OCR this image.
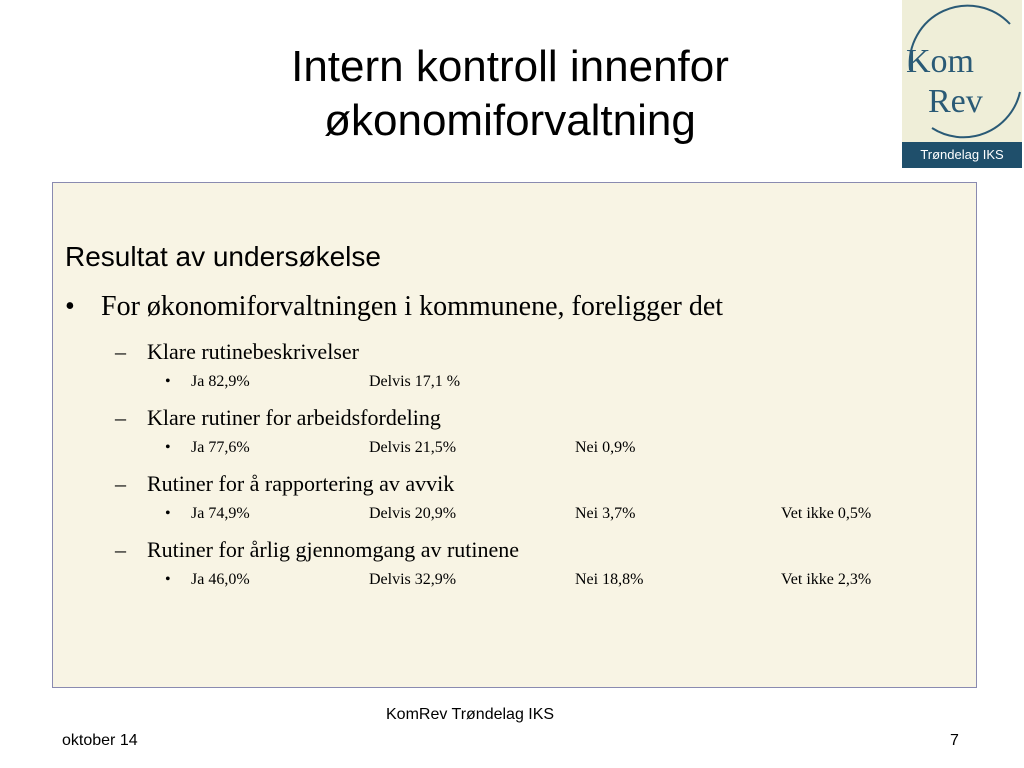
Intern kontroll innenfor
økonomiforvaltning
Kom
Rev
Trøndelag IKS
Resultat av undersøkelse
• For økonomiforvaltningen i kommunene, foreligger det
– Klare rutinebeskrivelser
• Ja 82,9%	Delvis 17,1 %
– Klare rutiner for arbeidsfordeling
• Ja 77,6%	Delvis 21,5%	Nei 0,9%
– Rutiner for å rapportering av avvik
• Ja 74,9%	Delvis 20,9%	Nei 3,7%	Vet ikke 0,5%
– Rutiner for årlig gjennomgang av rutinene
• Ja 46,0%	Delvis 32,9%	Nei 18,8%	Vet ikke 2,3%
KomRev Trøndelag IKS
oktober 14	7
